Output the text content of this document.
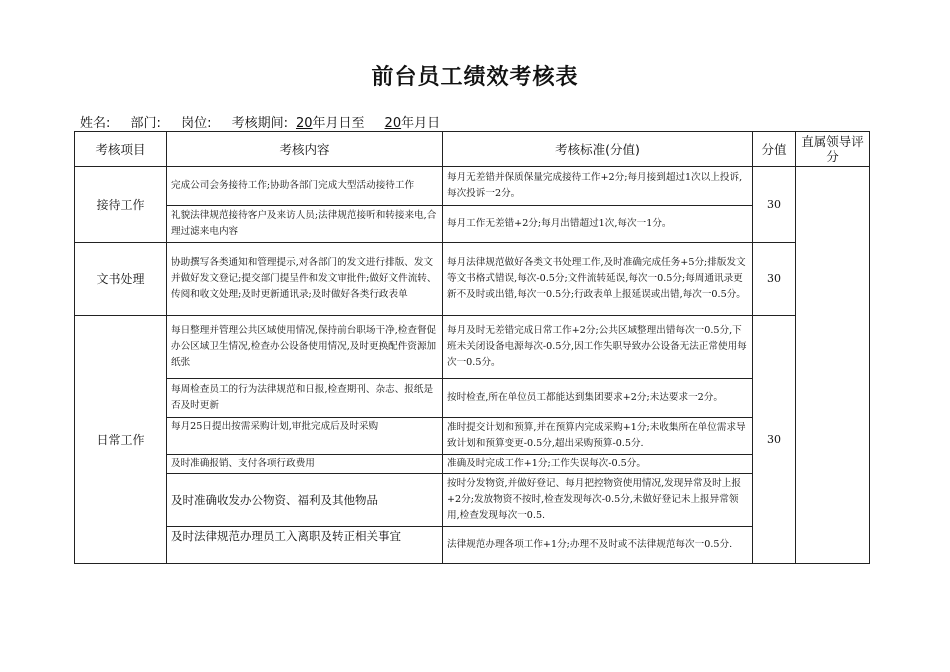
前台员工绩效考核表
姓名: 部门: 岗位: 考核期间: 20年月日至 20年月日
考核项目	考核内容	考核标准(分值)	分值	直属领导评分
接待工作	完成公司会务接待工作;协助各部门完成大型活动接待工作	每月无差错并保质保量完成接待工作+2分;每月接到超过1次以上投诉,每次投诉一2分。	30	
	礼貌法律规范接待客户及来访人员;法律规范接听和转接来电,合理过滤来电内容	每月工作无差错+2分;每月出错超过1次,每次一1分。		
文书处理	协助撰写各类通知和管理提示,对各部门的发文进行排版、发文并做好发文登记;提交部门提呈件和发文审批件;做好文件流转、传阅和收文处理;及时更新通讯录;及时做好各类行政表单	每月法律规范做好各类文书处理工作,及时准确完成任务+5分;排版发文等文书格式错误,每次-0.5分;文件流转延误,每次一0.5分;每周通讯录更新不及时或出错,每次一0.5分;行政表单上报延误或出错,每次一0.5分。	30	
日常工作	每日整理并管理公共区域使用情况,保持前台职场干净,检查督促办公区域卫生情况,检查办公设备使用情况,及时更换配件资源加纸张	每月及时无差错完成日常工作+2分;公共区域整理出错每次一0.5分,下班未关闭设备电源每次-0.5分,因工作失职导致办公设备无法正常使用每次一0.5分。	30	
	每周检查员工的行为法律规范和日报,检查期刊、杂志、报纸是否及时更新	按时检查,所在单位员工都能达到集团要求+2分;未达要求一2分。		
	每月25日提出按需采购计划,审批完成后及时采购	准时提交计划和预算,并在预算内完成采购+1分;未收集所在单位需求导致计划和预算变更-0.5分,超出采购预算-0.5分.		
	及时准确报销、支付各项行政费用	准确及时完成工作+1分;工作失误每次-0.5分。		
	及时准确收发办公物资、福利及其他物品	按时分发物资,并做好登记、每月把控物资使用情况,发现异常及时上报+2分;发放物资不按时,检查发现每次-0.5分,未做好登记未上报异常领用,检查发现每次一0.5.		
	及时法律规范办理员工入离职及转正相关事宜	法律规范办理各项工作+1分;办理不及时或不法律规范每次一0.5分.		
